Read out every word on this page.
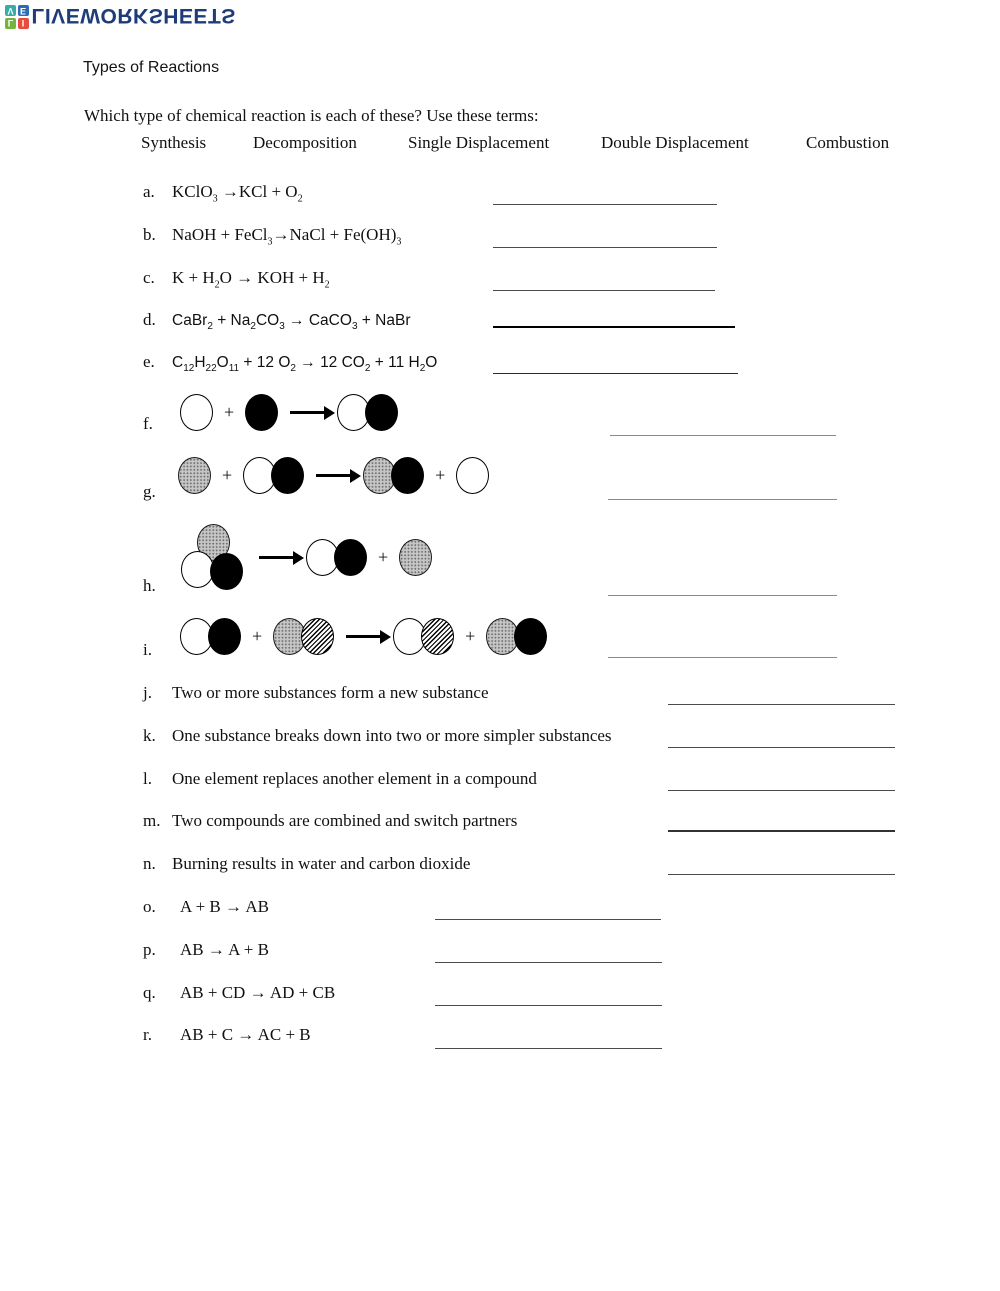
V E
L I LIVEWORKSHEETS
Types of Reactions
Which type of chemical reaction is each of these? Use these terms:
Synthesis	Decomposition	Single Displacement	Double Displacement	Combustion
a.	KClO$_3$ $\to KCl + O_2$
b. NaOH + FeCl$_3$→NaCl + $Fe(OH)_3$
c.	$K + H_2O$ → KOH + $H_2$
d.	CaBr$_2$ + $Na_2CO_3$ → CaCO$_3$ + NaBr
e.	$C_{12}H_{22}O_{11} + 12$ $O_2 \to 12$ $CO_2 + 11$ $H_2O$
f.
+
g.
+	+
h.
+
i.
+	+
j.	Two or more substances form a new substance
k. One substance breaks down into two or more simpler substances
l.	One element replaces another element in a compound
m. Two compounds are combined and switch partners
n. Burning results in water and carbon dioxide
o.	A + B → AB
p.	AB → A + B
q.	AB + CD → AD + CB
r.	AB + C → AC + B
